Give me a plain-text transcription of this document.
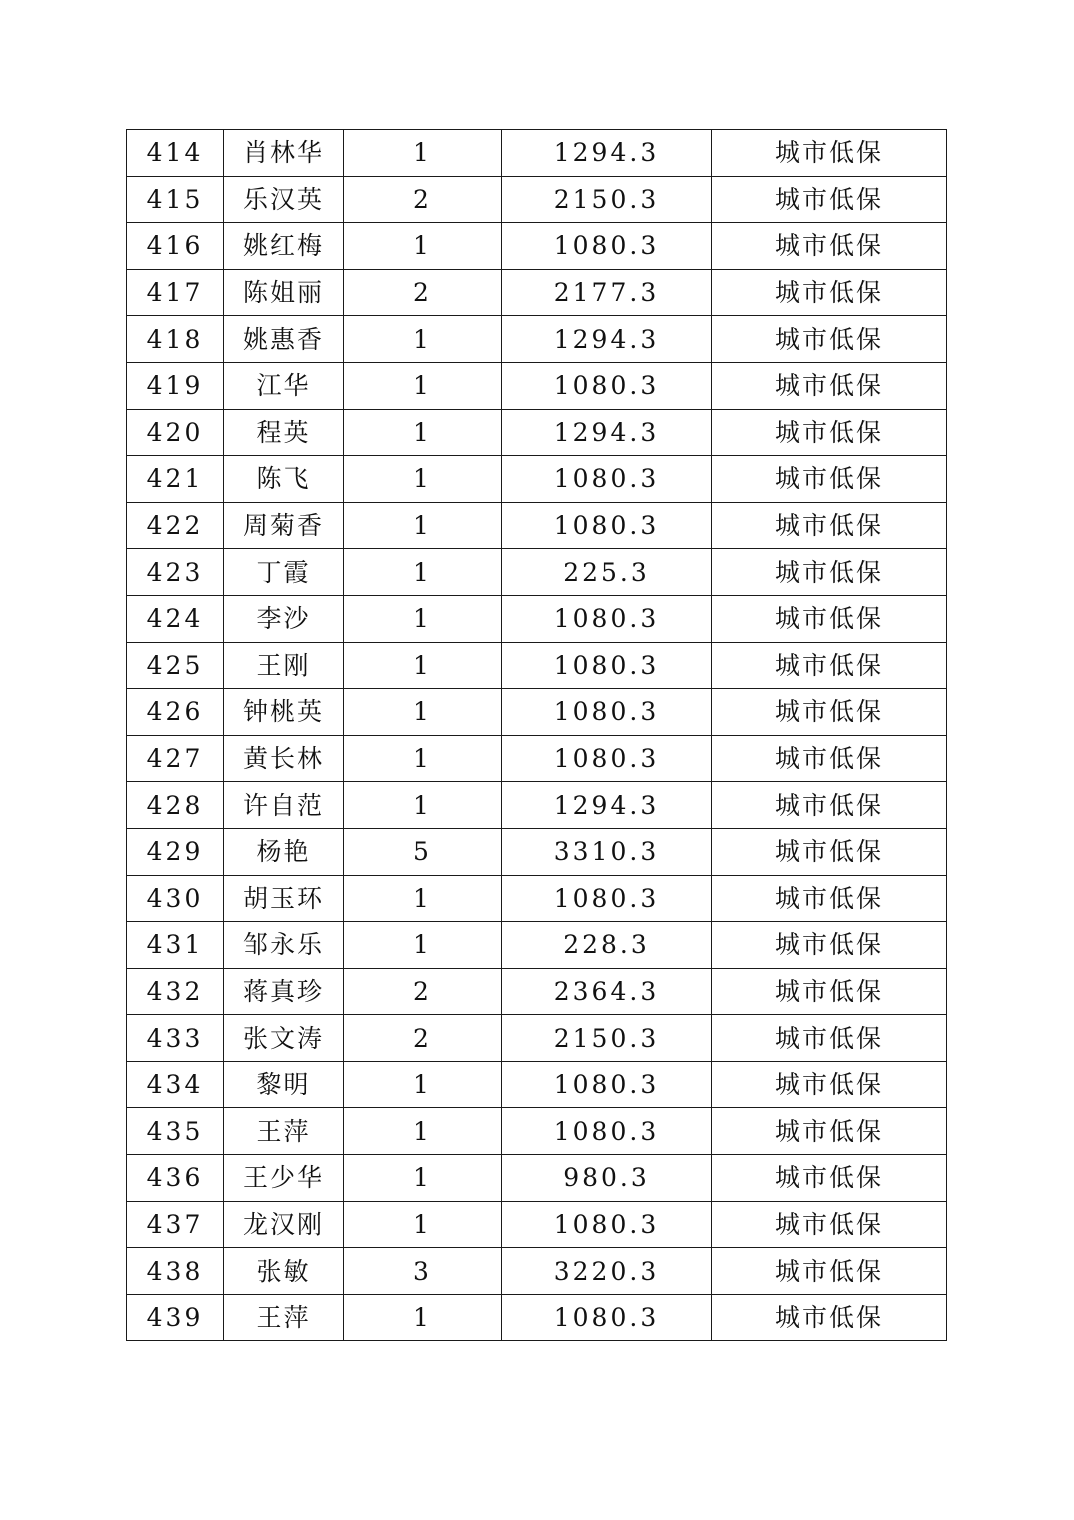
414	肖林华	1	1294.3	城市低保
415	乐汉英	2	2150.3	城市低保
416	姚红梅	1	1080.3	城市低保
417	陈姐丽	2	2177.3	城市低保
418	姚惠香	1	1294.3	城市低保
419	江华	1	1080.3	城市低保
420	程英	1	1294.3	城市低保
421	陈飞	1	1080.3	城市低保
422	周菊香	1	1080.3	城市低保
423	丁霞	1	225.3	城市低保
424	李沙	1	1080.3	城市低保
425	王刚	1	1080.3	城市低保
426	钟桃英	1	1080.3	城市低保
427	黄长林	1	1080.3	城市低保
428	许自范	1	1294.3	城市低保
429	杨艳	5	3310.3	城市低保
430	胡玉环	1	1080.3	城市低保
431	邹永乐	1	228.3	城市低保
432	蒋真珍	2	2364.3	城市低保
433	张文涛	2	2150.3	城市低保
434	黎明	1	1080.3	城市低保
435	王萍	1	1080.3	城市低保
436	王少华	1	980.3	城市低保
437	龙汉刚	1	1080.3	城市低保
438	张敏	3	3220.3	城市低保
439	王萍	1	1080.3	城市低保
